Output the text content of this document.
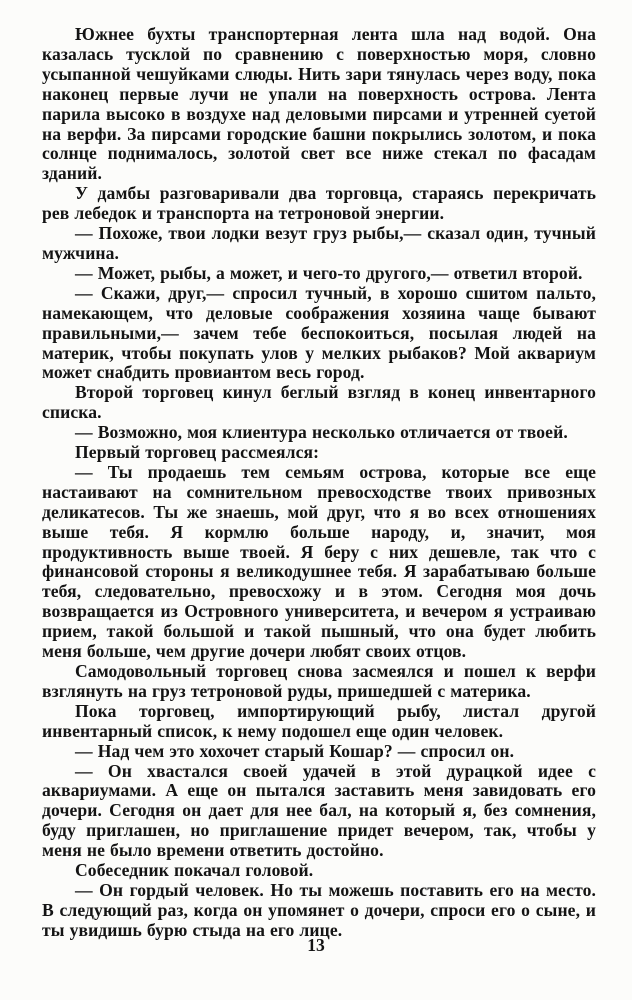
Южнее бухты транспортерная лента шла над водой. Она казалась тусклой по сравнению с поверхностью моря, словно усыпанной чешуйками слюды. Нить зари тянулась через воду, пока наконец первые лучи не упали на поверхность острова. Лента парила высоко в воздухе над деловыми пирсами и утренней суетой на верфи. За пирсами городские башни покрылись золотом, и пока солнце поднималось, золотой свет все ниже стекал по фасадам зданий.

У дамбы разговаривали два торговца, стараясь перекричать рев лебедок и транспорта на тетроновой энергии.

— Похоже, твои лодки везут груз рыбы,— сказал один, тучный мужчина.

— Может, рыбы, а может, и чего-то другого,— ответил второй.

— Скажи, друг,— спросил тучный, в хорошо сшитом пальто, намекающем, что деловые соображения хозяина чаще бывают правильными,— зачем тебе беспокоиться, посылая людей на материк, чтобы покупать улов у мелких рыбаков? Мой аквариум может снабдить провиантом весь город.

Второй торговец кинул беглый взгляд в конец инвентарного списка.

— Возможно, моя клиентура несколько отличается от твоей.

Первый торговец рассмеялся:

— Ты продаешь тем семьям острова, которые все еще настаивают на сомнительном превосходстве твоих привозных деликатесов. Ты же знаешь, мой друг, что я во всех отношениях выше тебя. Я кормлю больше народу, и, значит, моя продуктивность выше твоей. Я беру с них дешевле, так что с финансовой стороны я великодушнее тебя. Я зарабатываю больше тебя, следовательно, превосхожу и в этом. Сегодня моя дочь возвращается из Островного университета, и вечером я устраиваю прием, такой большой и такой пышный, что она будет любить меня больше, чем другие дочери любят своих отцов.

Самодовольный торговец снова засмеялся и пошел к верфи взглянуть на груз тетроновой руды, пришедшей с материка.

Пока торговец, импортирующий рыбу, листал другой инвентарный список, к нему подошел еще один человек.

— Над чем это хохочет старый Кошар? — спросил он.

— Он хвастался своей удачей в этой дурацкой идее с аквариумами. А еще он пытался заставить меня завидовать его дочери. Сегодня он дает для нее бал, на который я, без сомнения, буду приглашен, но приглашение придет вечером, так, чтобы у меня не было времени ответить достойно.

Собеседник покачал головой.

— Он гордый человек. Но ты можешь поставить его на место. В следующий раз, когда он упомянет о дочери, спроси его о сыне, и ты увидишь бурю стыда на его лице.

13
